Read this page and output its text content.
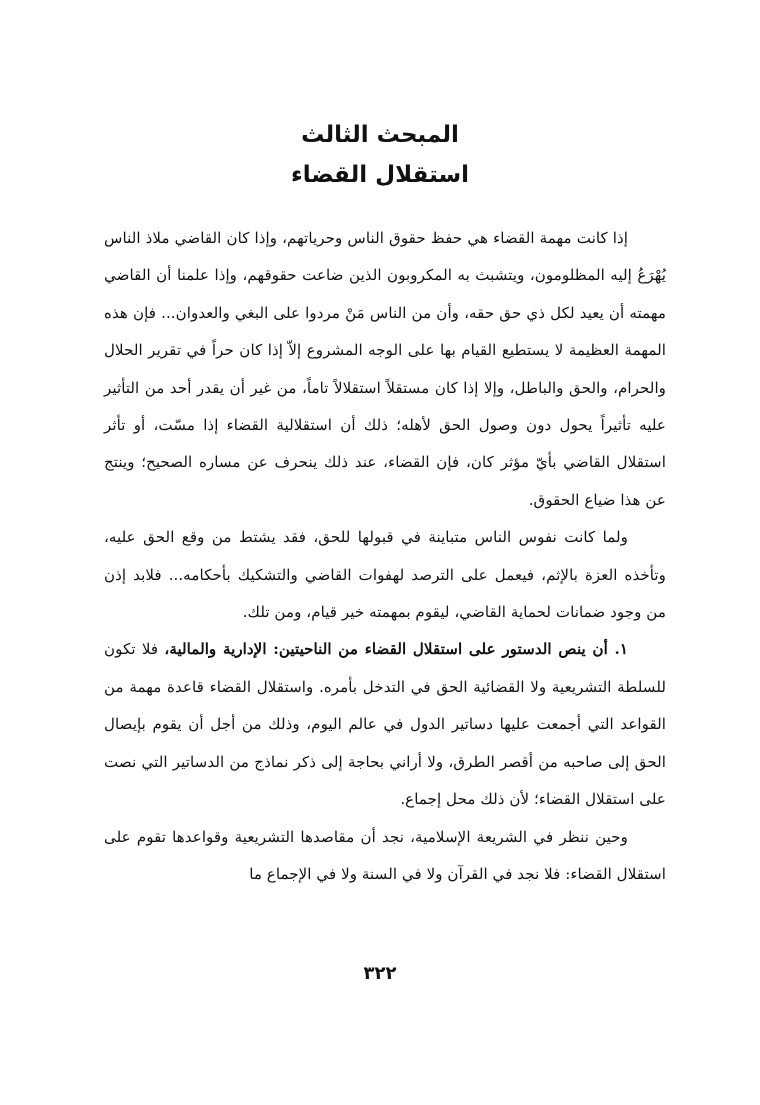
المبحث الثالث
استقلال القضاء

إذا كانت مهمة القضاء هي حفظ حقوق الناس وحرياتهم، وإذا كان القاضي ملاذ الناس يُهْرَعُ إليه المظلومون، ويتشبث به المكروبون الذين ضاعت حقوقهم، وإذا علمنا أن القاضي مهمته أن يعيد لكل ذي حق حقه، وأن من الناس مَنْ مردوا على البغي والعدوان... فإن هذه المهمة العظيمة لا يستطيع القيام بها على الوجه المشروع إلاّ إذا كان حراً في تقرير الحلال والحرام، والحق والباطل، وإلا إذا كان مستقلاً استقلالاً تاماً، من غير أن يقدر أحد من التأثير عليه تأثيراً يحول دون وصول الحق لأهله؛ ذلك أن استقلالية القضاء إذا مسّت، أو تأثر استقلال القاضي بأيّ مؤثر كان، فإن القضاء، عند ذلك ينحرف عن مساره الصحيح؛ وينتج عن هذا ضياع الحقوق.

ولما كانت نفوس الناس متباينة في قبولها للحق، فقد يشتط من وقع الحق عليه، وتأخذه العزة بالإثم، فيعمل على الترصد لهفوات القاضي والتشكيك بأحكامه... فلابد إذن من وجود ضمانات لحماية القاضي، ليقوم بمهمته خير قيام، ومن تلك.

١. أن ينص الدستور على استقلال القضاء من الناحيتين: الإدارية والمالية، فلا تكون للسلطة التشريعية ولا القضائية الحق في التدخل بأمره. واستقلال القضاء قاعدة مهمة من القواعد التي أجمعت عليها دساتير الدول في عالم اليوم، وذلك من أجل أن يقوم بإيصال الحق إلى صاحبه من أقصر الطرق، ولا أراني بحاجة إلى ذكر نماذج من الدساتير التي نصت على استقلال القضاء؛ لأن ذلك محل إجماع.

وحين ننظر في الشريعة الإسلامية، نجد أن مقاصدها التشريعية وقواعدها تقوم على استقلال القضاء: فلا نجد في القرآن ولا في السنة ولا في الإجماع ما

٣٢٢
